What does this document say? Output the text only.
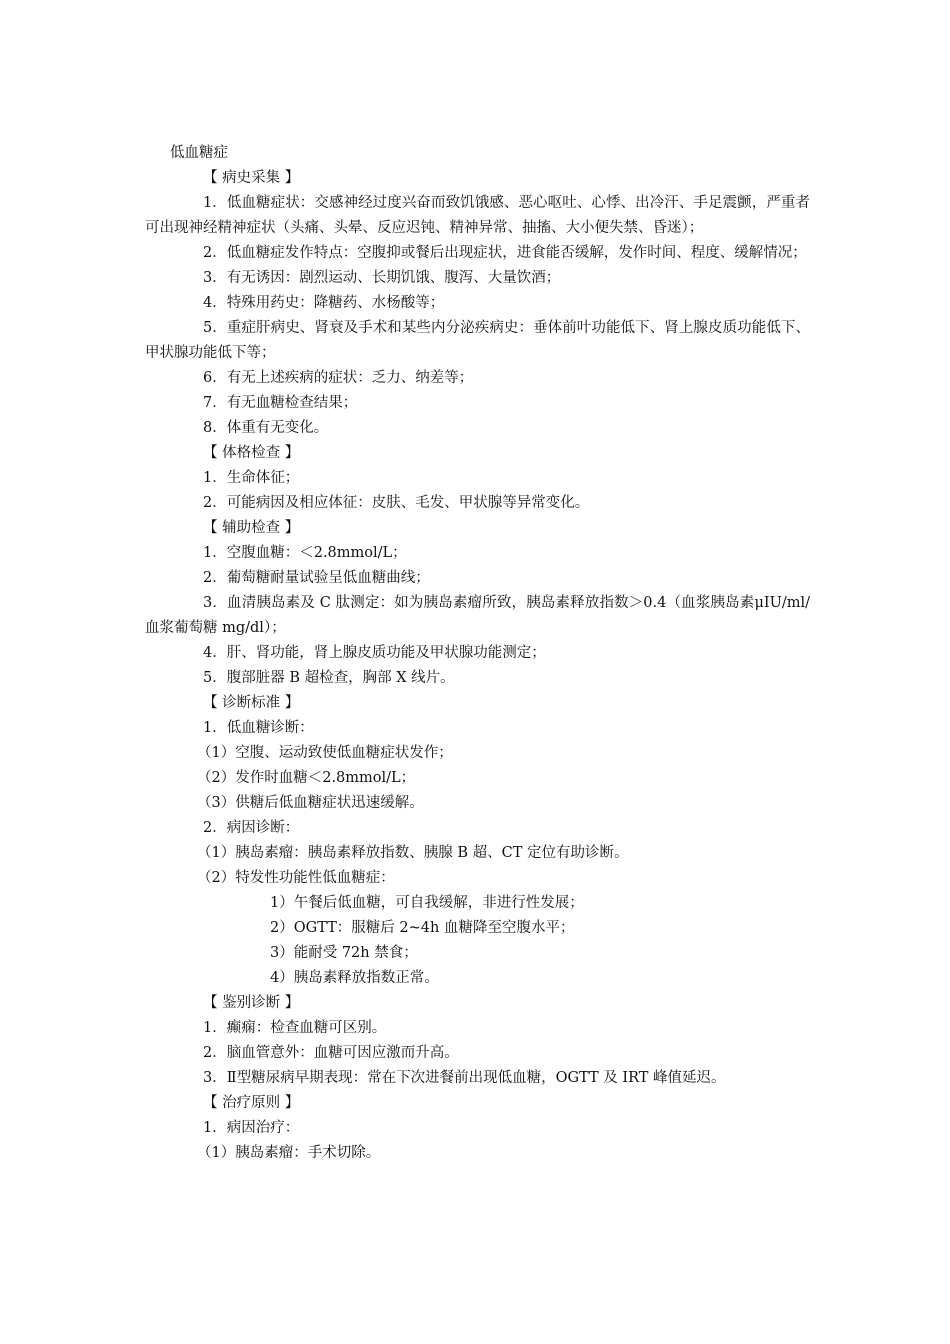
低血糖症
【 病史采集 】
1．低血糖症状：交感神经过度兴奋而致饥饿感、恶心呕吐、心悸、出冷汗、手足震颤，严重者可出现神经精神症状（头痛、头晕、反应迟钝、精神异常、抽搐、大小便失禁、昏迷）；
2．低血糖症发作特点：空腹抑或餐后出现症状，进食能否缓解，发作时间、程度、缓解情况；
3．有无诱因：剧烈运动、长期饥饿、腹泻、大量饮酒；
4．特殊用药史：降糖药、水杨酸等；
5．重症肝病史、肾衰及手术和某些内分泌疾病史：垂体前叶功能低下、肾上腺皮质功能低下、甲状腺功能低下等；
6．有无上述疾病的症状：乏力、纳差等；
7．有无血糖检查结果；
8．体重有无变化。
【 体格检查 】
1．生命体征；
2．可能病因及相应体征：皮肤、毛发、甲状腺等异常变化。
【 辅助检查 】
1．空腹血糖：＜2.8mmol/L；
2．葡萄糖耐量试验呈低血糖曲线；
3．血清胰岛素及 C 肽测定：如为胰岛素瘤所致，胰岛素释放指数＞0.4（血浆胰岛素μIU/ml/血浆葡萄糖 mg/dl）；
4．肝、肾功能，肾上腺皮质功能及甲状腺功能测定；
5．腹部脏器 B 超检查，胸部 X 线片。
【 诊断标准 】
1．低血糖诊断：
（1）空腹、运动致使低血糖症状发作；
（2）发作时血糖＜2.8mmol/L；
（3）供糖后低血糖症状迅速缓解。
2．病因诊断：
（1）胰岛素瘤：胰岛素释放指数、胰腺 B 超、CT 定位有助诊断。
（2）特发性功能性低血糖症：
1）午餐后低血糖，可自我缓解，非进行性发展；
2）OGTT：服糖后 2~4h 血糖降至空腹水平；
3）能耐受 72h 禁食；
4）胰岛素释放指数正常。
【 鉴别诊断 】
1．癫痫：检查血糖可区别。
2．脑血管意外：血糖可因应激而升高。
3．Ⅱ型糖尿病早期表现：常在下次进餐前出现低血糖，OGTT 及 IRT 峰值延迟。
【 治疗原则 】
1．病因治疗：
（1）胰岛素瘤：手术切除。
